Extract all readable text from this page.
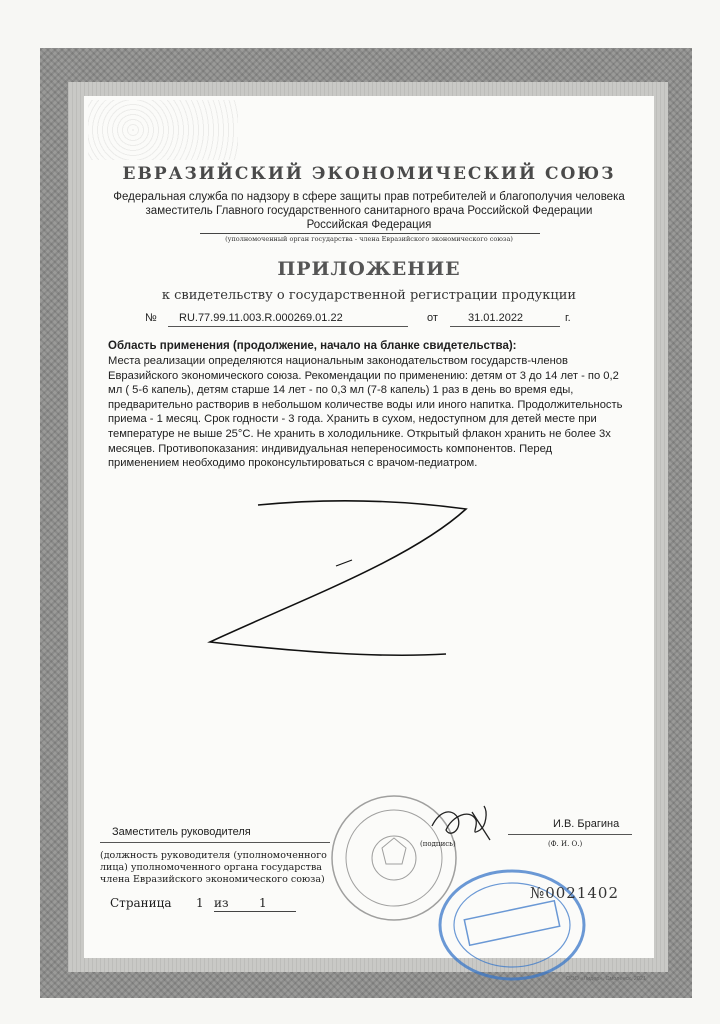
ЕВРАЗИЙСКИЙ ЭКОНОМИЧЕСКИЙ СОЮЗ
Федеральная служба по надзору в сфере защиты прав потребителей и благополучия человека
заместитель Главного государственного санитарного врача Российской Федерации
Российская Федерация
(уполномоченный орган государства - члена Евразийского экономического союза)
ПРИЛОЖЕНИЕ
к свидетельству о государственной регистрации продукции
№ RU.77.99.11.003.R.000269.01.22	от	31.01.2022	г.
Область применения (продолжение, начало на бланке свидетельства):
Места реализации определяются национальным законодательством государств-членов
Евразийского экономического союза. Рекомендации по применению: детям от 3 до 14 лет - по 0,2
мл ( 5-6 капель), детям старше 14 лет - по 0,3 мл (7-8 капель) 1 раз в день во время еды,
предварительно растворив в небольшом количестве воды или иного напитка. Продолжительность
приема - 1 месяц. Срок годности - 3 года. Хранить в сухом, недоступном для детей месте при
температуре не выше 25°С. Не хранить в холодильнике. Открытый флакон хранить не более 3х
месяцев. Противопоказания: индивидуальная непереносимость компонентов. Перед
применением необходимо проконсультироваться с врачом-педиатром.
Заместитель руководителя
И.В. Брагина
(подпись)	(Ф. И. О.)
(должность руководителя (уполномоченного
лица) уполномоченного органа государства
члена Евразийского экономического союза)
Страница 1 из	1
№0021402
ООО «Лидер», Смоленск, 2021
